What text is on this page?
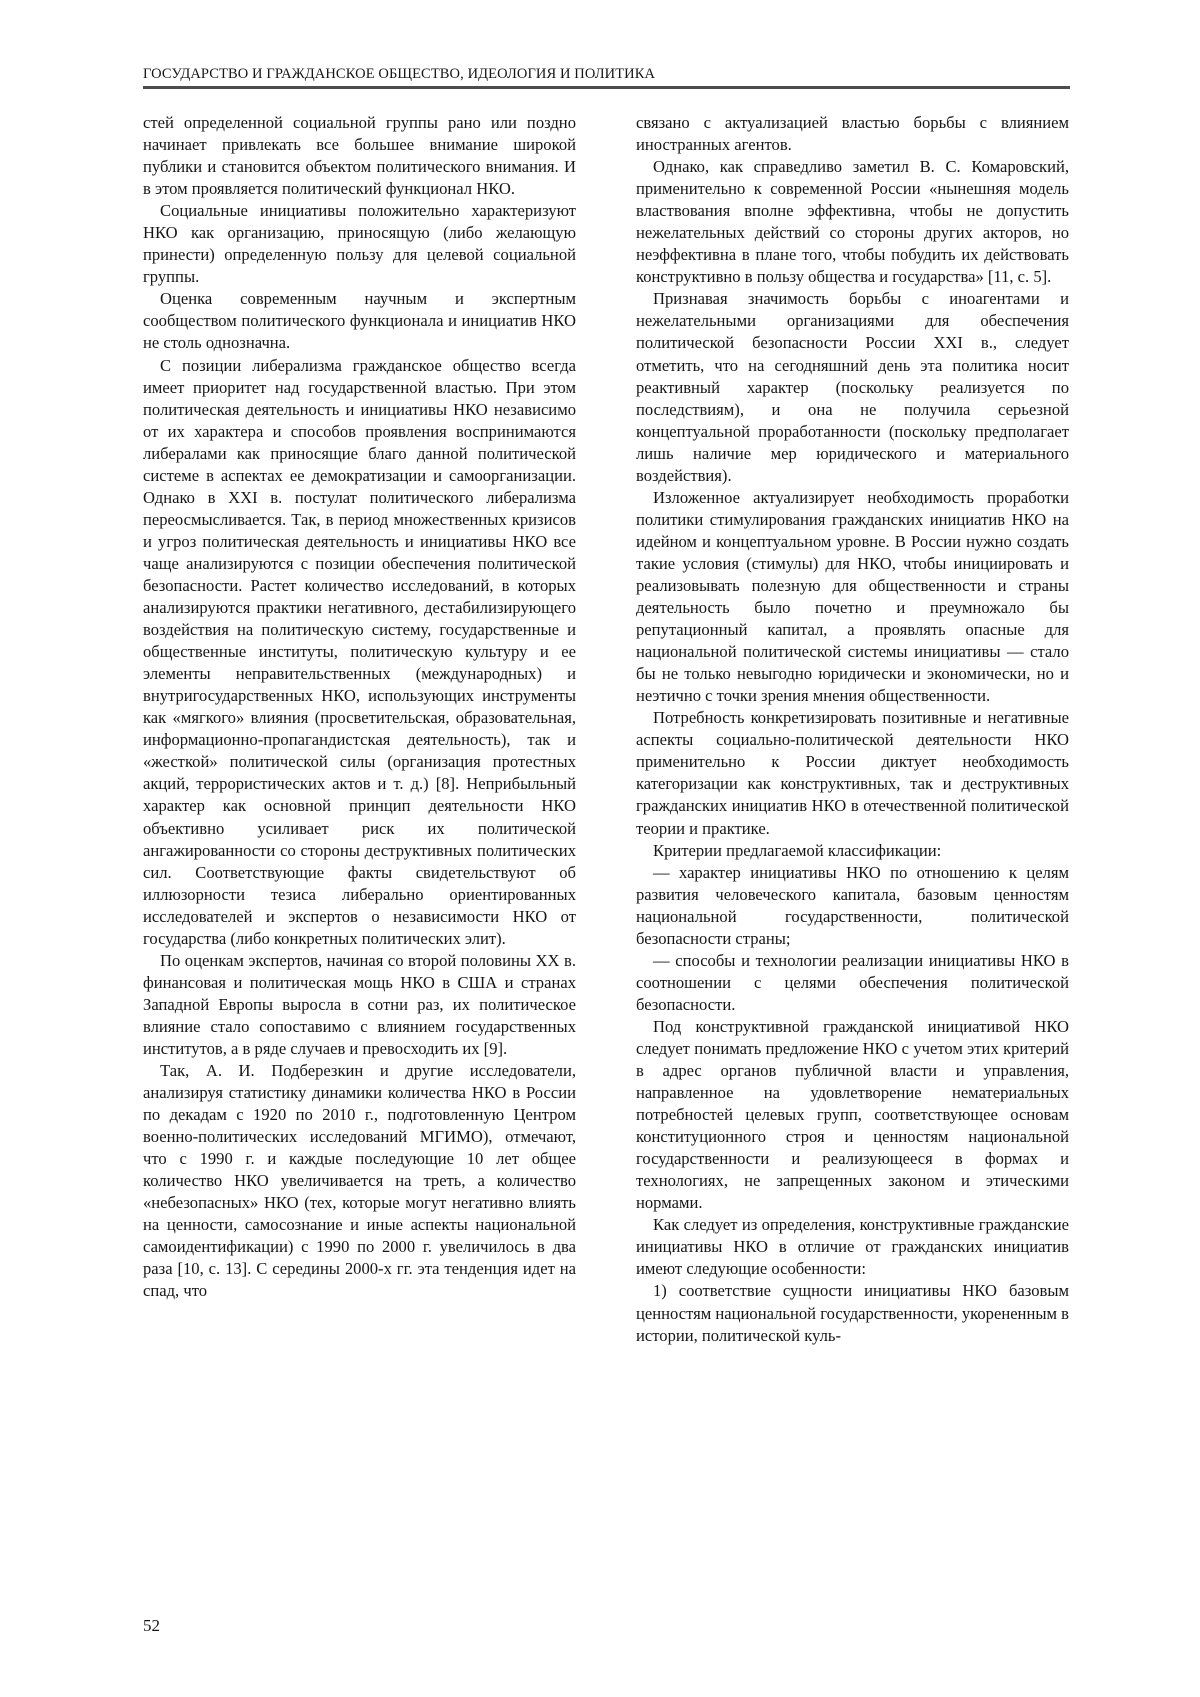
ГОСУДАРСТВО И ГРАЖДАНСКОЕ ОБЩЕСТВО, ИДЕОЛОГИЯ И ПОЛИТИКА

стей определенной социальной группы рано или поздно начинает привлекать все большее внимание широкой публики и становится объектом политического внимания. И в этом проявляется политический функционал НКО.

Социальные инициативы положительно характеризуют НКО как организацию, приносящую (либо желающую принести) определенную пользу для целевой социальной группы.

Оценка современным научным и экспертным сообществом политического функционала и инициатив НКО не столь однозначна.

С позиции либерализма гражданское общество всегда имеет приоритет над государственной властью. При этом политическая деятельность и инициативы НКО независимо от их характера и способов проявления воспринимаются либералами как приносящие благо данной политической системе в аспектах ее демократизации и самоорганизации. Однако в XXI в. постулат политического либерализма переосмысливается. Так, в период множественных кризисов и угроз политическая деятельность и инициативы НКО все чаще анализируются с позиции обеспечения политической безопасности. Растет количество исследований, в которых анализируются практики негативного, дестабилизирующего воздействия на политическую систему, государственные и общественные институты, политическую культуру и ее элементы неправительственных (международных) и внутригосударственных НКО, использующих инструменты как «мягкого» влияния (просветительская, образовательная, информационно-пропагандистская деятельность), так и «жесткой» политической силы (организация протестных акций, террористических актов и т. д.) [8]. Неприбыльный характер как основной принцип деятельности НКО объективно усиливает риск их политической ангажированности со стороны деструктивных политических сил. Соответствующие факты свидетельствуют об иллюзорности тезиса либерально ориентированных исследователей и экспертов о независимости НКО от государства (либо конкретных политических элит).

По оценкам экспертов, начиная со второй половины XX в. финансовая и политическая мощь НКО в США и странах Западной Европы выросла в сотни раз, их политическое влияние стало сопоставимо с влиянием государственных институтов, а в ряде случаев и превосходить их [9].

Так, А. И. Подберезкин и другие исследователи, анализируя статистику динамики количества НКО в России по декадам с 1920 по 2010 г., подготовленную Центром военно-политических исследований МГИМО), отмечают, что с 1990 г. и каждые последующие 10 лет общее количество НКО увеличивается на треть, а количество «небезопасных» НКО (тех, которые могут негативно влиять на ценности, самосознание и иные аспекты национальной самоидентификации) с 1990 по 2000 г. увеличилось в два раза [10, с. 13]. С середины 2000-х гг. эта тенденция идет на спад, что

связано с актуализацией властью борьбы с влиянием иностранных агентов.

Однако, как справедливо заметил В. С. Комаровский, применительно к современной России «нынешняя модель властвования вполне эффективна, чтобы не допустить нежелательных действий со стороны других акторов, но неэффективна в плане того, чтобы побудить их действовать конструктивно в пользу общества и государства» [11, с. 5].

Признавая значимость борьбы с иноагентами и нежелательными организациями для обеспечения политической безопасности России XXI в., следует отметить, что на сегодняшний день эта политика носит реактивный характер (поскольку реализуется по последствиям), и она не получила серьезной концептуальной проработанности (поскольку предполагает лишь наличие мер юридического и материального воздействия).

Изложенное актуализирует необходимость проработки политики стимулирования гражданских инициатив НКО на идейном и концептуальном уровне. В России нужно создать такие условия (стимулы) для НКО, чтобы инициировать и реализовывать полезную для общественности и страны деятельность было почетно и преумножало бы репутационный капитал, а проявлять опасные для национальной политической системы инициативы — стало бы не только невыгодно юридически и экономически, но и неэтично с точки зрения мнения общественности.

Потребность конкретизировать позитивные и негативные аспекты социально-политической деятельности НКО применительно к России диктует необходимость категоризации как конструктивных, так и деструктивных гражданских инициатив НКО в отечественной политической теории и практике.

Критерии предлагаемой классификации:

— характер инициативы НКО по отношению к целям развития человеческого капитала, базовым ценностям национальной государственности, политической безопасности страны;

— способы и технологии реализации инициативы НКО в соотношении с целями обеспечения политической безопасности.

Под конструктивной гражданской инициативой НКО следует понимать предложение НКО с учетом этих критерий в адрес органов публичной власти и управления, направленное на удовлетворение нематериальных потребностей целевых групп, соответствующее основам конституционного строя и ценностям национальной государственности и реализующееся в формах и технологиях, не запрещенных законом и этическими нормами.

Как следует из определения, конструктивные гражданские инициативы НКО в отличие от гражданских инициатив имеют следующие особенности:

1) соответствие сущности инициативы НКО базовым ценностям национальной государственности, укорененным в истории, политической куль-

52
